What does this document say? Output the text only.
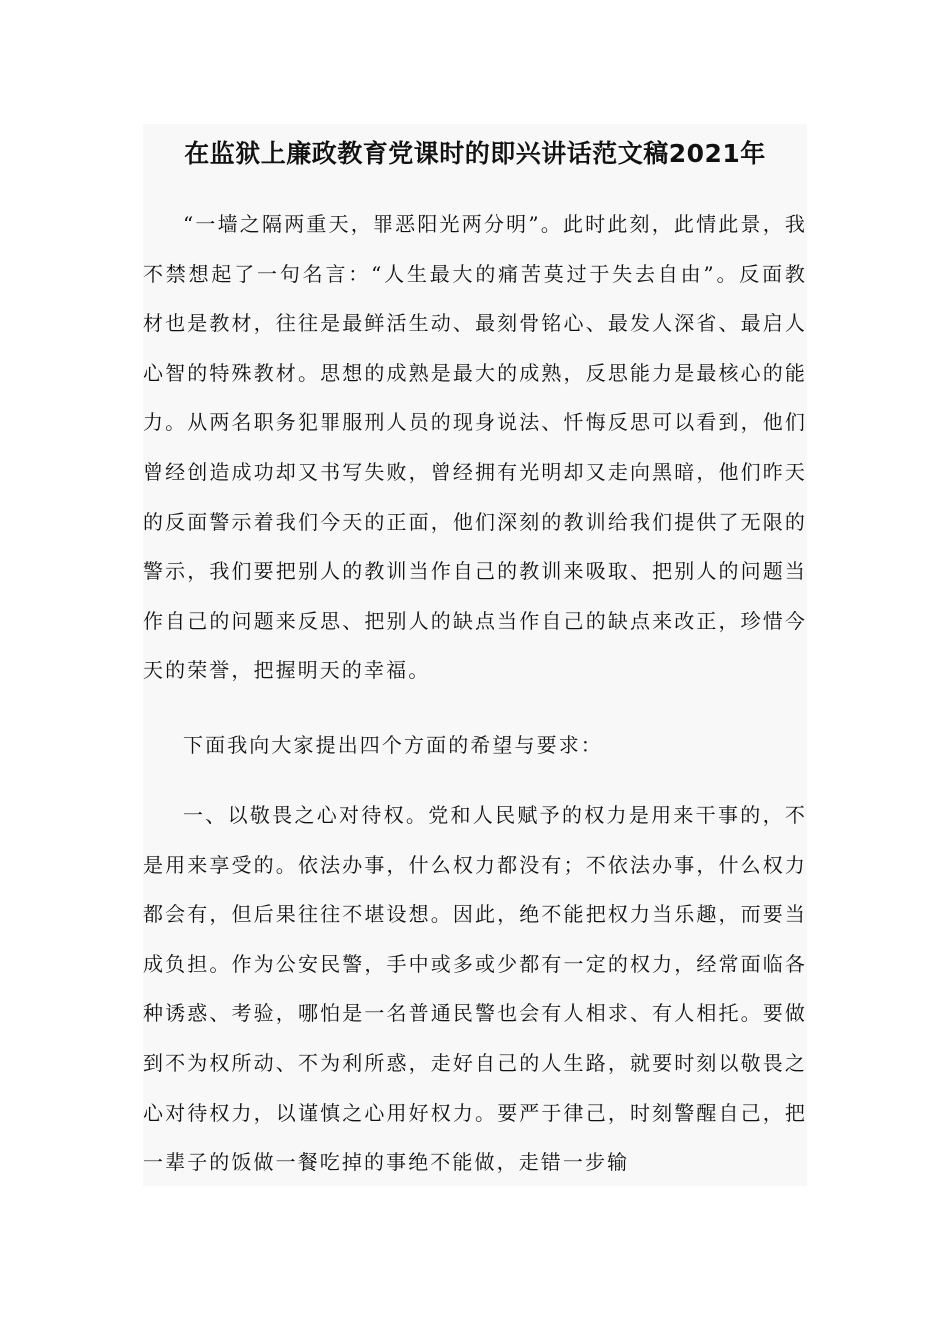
在监狱上廉政教育党课时的即兴讲话范文稿2021年

“一墙之隔两重天，罪恶阳光两分明”。此时此刻，此情此景，我不禁想起了一句名言：“人生最大的痛苦莫过于失去自由”。反面教材也是教材，往往是最鲜活生动、最刻骨铭心、最发人深省、最启人心智的特殊教材。思想的成熟是最大的成熟，反思能力是最核心的能力。从两名职务犯罪服刑人员的现身说法、忏悔反思可以看到，他们曾经创造成功却又书写失败，曾经拥有光明却又走向黑暗，他们昨天的反面警示着我们今天的正面，他们深刻的教训给我们提供了无限的警示，我们要把别人的教训当作自己的教训来吸取、把别人的问题当作自己的问题来反思、把别人的缺点当作自己的缺点来改正，珍惜今天的荣誉，把握明天的幸福。

下面我向大家提出四个方面的希望与要求：

一、以敬畏之心对待权。党和人民赋予的权力是用来干事的，不是用来享受的。依法办事，什么权力都没有；不依法办事，什么权力都会有，但后果往往不堪设想。因此，绝不能把权力当乐趣，而要当成负担。作为公安民警，手中或多或少都有一定的权力，经常面临各种诱惑、考验，哪怕是一名普通民警也会有人相求、有人相托。要做到不为权所动、不为利所惑，走好自己的人生路，就要时刻以敬畏之心对待权力，以谨慎之心用好权力。要严于律己，时刻警醒自己，把一辈子的饭做一餐吃掉的事绝不能做，走错一步输
